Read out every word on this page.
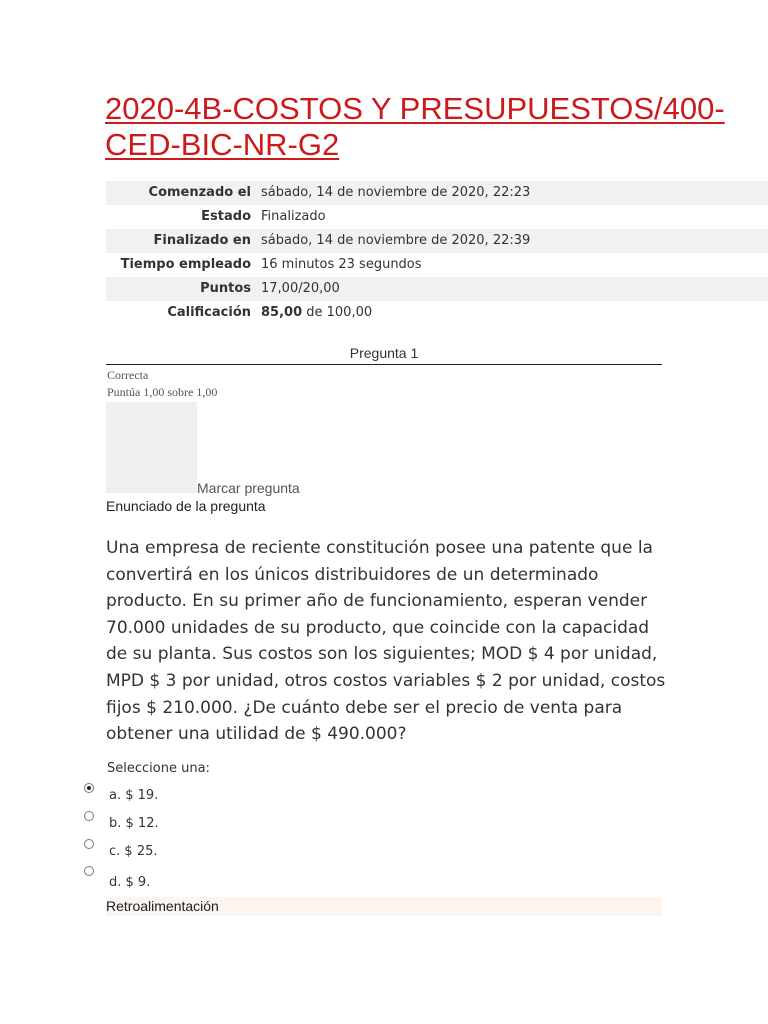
2020-4B-COSTOS Y PRESUPUESTOS/400-CED-BIC-NR-G2
Comenzado el	sábado, 14 de noviembre de 2020, 22:23
Estado	Finalizado
Finalizado en	sábado, 14 de noviembre de 2020, 22:39
Tiempo empleado	16 minutos 23 segundos
Puntos	17,00/20,00
Calificación	85,00 de 100,00
Pregunta 1
Correcta
Puntúa 1,00 sobre 1,00
Marcar pregunta
Enunciado de la pregunta

Una empresa de reciente constitución posee una patente que la convertirá en los únicos distribuidores de un determinado producto. En su primer año de funcionamiento, esperan vender 70.000 unidades de su producto, que coincide con la capacidad de su planta. Sus costos son los siguientes; MOD $ 4 por unidad, MPD $ 3 por unidad, otros costos variables $ 2 por unidad, costos fijos $ 210.000. ¿De cuánto debe ser el precio de venta para obtener una utilidad de $ 490.000?

Seleccione una:
a. $ 19.
b. $ 12.
c. $ 25.
d. $ 9.
Retroalimentación
